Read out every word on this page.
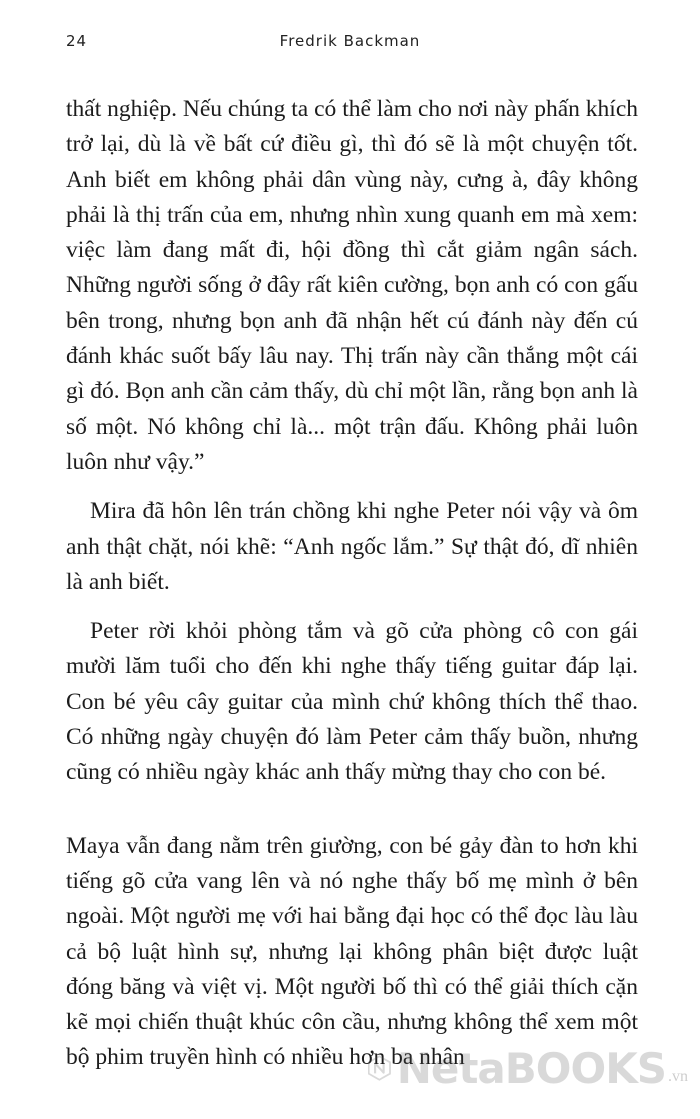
24	Fredrik Backman

thất nghiệp. Nếu chúng ta có thể làm cho nơi này phấn khích trở lại, dù là về bất cứ điều gì, thì đó sẽ là một chuyện tốt. Anh biết em không phải dân vùng này, cưng à, đây không phải là thị trấn của em, nhưng nhìn xung quanh em mà xem: việc làm đang mất đi, hội đồng thì cắt giảm ngân sách. Những người sống ở đây rất kiên cường, bọn anh có con gấu bên trong, nhưng bọn anh đã nhận hết cú đánh này đến cú đánh khác suốt bấy lâu nay. Thị trấn này cần thắng một cái gì đó. Bọn anh cần cảm thấy, dù chỉ một lần, rằng bọn anh là số một. Nó không chỉ là... một trận đấu. Không phải luôn luôn như vậy.”

Mira đã hôn lên trán chồng khi nghe Peter nói vậy và ôm anh thật chặt, nói khẽ: “Anh ngốc lắm.” Sự thật đó, dĩ nhiên là anh biết.

Peter rời khỏi phòng tắm và gõ cửa phòng cô con gái mười lăm tuổi cho đến khi nghe thấy tiếng guitar đáp lại. Con bé yêu cây guitar của mình chứ không thích thể thao. Có những ngày chuyện đó làm Peter cảm thấy buồn, nhưng cũng có nhiều ngày khác anh thấy mừng thay cho con bé.

Maya vẫn đang nằm trên giường, con bé gảy đàn to hơn khi tiếng gõ cửa vang lên và nó nghe thấy bố mẹ mình ở bên ngoài. Một người mẹ với hai bằng đại học có thể đọc làu làu cả bộ luật hình sự, nhưng lại không phân biệt được luật đóng băng và việt vị. Một người bố thì có thể giải thích cặn kẽ mọi chiến thuật khúc côn cầu, nhưng không thể xem một bộ phim truyền hình có nhiều hơn ba nhân

NetaBOOKS .vn
